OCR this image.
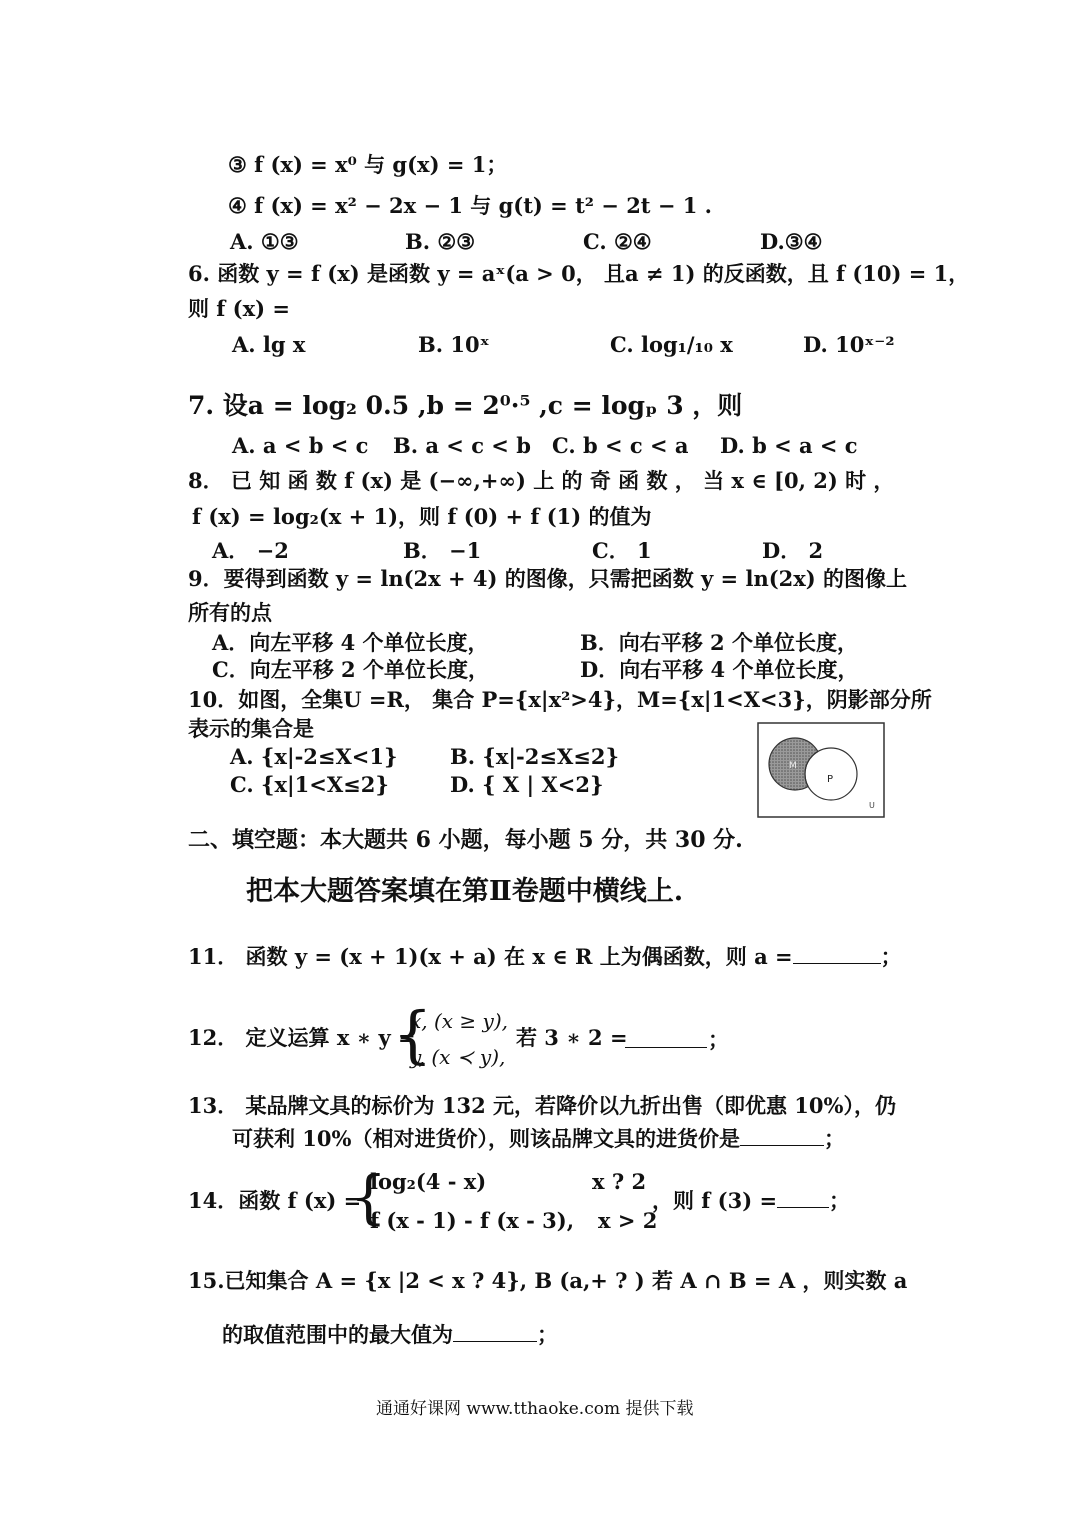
③ f (x) = x⁰ 与 g(x) = 1；
④ f (x) = x² − 2x − 1 与 g(t) = t² − 2t − 1 .
A. ①③	B. ②③	C. ②④	D.③④
6. 函数 y = f (x) 是函数 y = aˣ(a > 0， 且a ≠ 1) 的反函数，且 f (10) = 1，
则 f (x) =
A. lg x	B. 10ˣ	C. log₁/₁₀ x	D. 10ˣ⁻²
7. 设a = log₂ 0.5 ,b = 2⁰·⁵ ,c = logₚ 3 ，则
A. a < b < c B. a < c < b C. b < c < a D. b < a < c
8． 已 知 函 数 f (x) 是 (−∞,+∞) 上 的 奇 函 数 ， 当 x ∈ [0, 2) 时 ，
f (x) = log₂(x + 1)，则 f (0) + f (1) 的值为
A． −2	B． −1	C． 1	D． 2
9．要得到函数 y = ln(2x + 4) 的图像，只需把函数 y = ln(2x) 的图像上
所有的点
A．向左平移 4 个单位长度，	B．向右平移 2 个单位长度，
C．向左平移 2 个单位长度，	D．向右平移 4 个单位长度，
10．如图，全集U =R， 集合 P={x|x²>4}，M={x|1<X<3}，阴影部分所
表示的集合是
A. {x|-2≤X<1} B. {x|-2≤X≤2}
C. {x|1<X≤2}	D. { X | X<2}
M
P
U
二、填空题：本大题共 6 小题，每小题 5 分，共 30 分.
把本大题答案填在第Ⅱ卷题中横线上.
11． 函数 y = (x + 1)(x + a) 在 x ∈ R 上为偶函数，则 a =	；
12． 定义运算 x ∗ y =
{
x, (x ≥ y),
y, (x ≺ y),
若 3 ∗ 2 =	；
13． 某品牌文具的标价为 132 元，若降价以九折出售（即优惠 10%），仍
可获利 10%（相对进货价），则该品牌文具的进货价是	；
14．函数 f (x) =
{
log₂(4 - x)	x ? 2
f (x - 1) - f (x - 3), x > 2
，则 f (3) = ；
15.已知集合 A = {x |2 < x ? 4}, B (a,+ ? ) 若 A ∩ B = A ，则实数 a
的取值范围中的最大值为	；
通通好课网 www.tthaoke.com 提供下载
